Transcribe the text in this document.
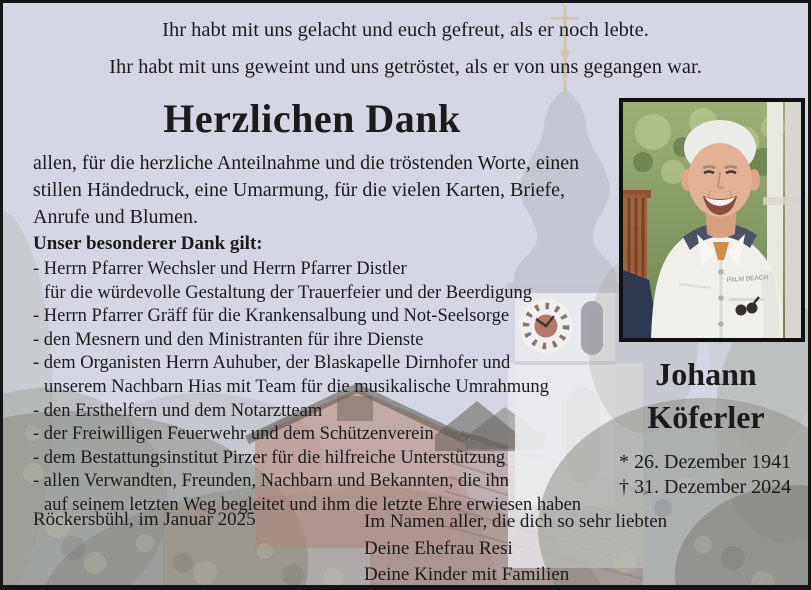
Ihr habt mit uns gelacht und euch gefreut, als er noch lebte.
Ihr habt mit uns geweint und uns getröstet, als er von uns gegangen war.
Herzlichen Dank

allen, für die herzliche Anteilnahme und die tröstenden Worte, einen stillen Händedruck, eine Umarmung, für die vielen Karten, Briefe, Anrufe und Blumen.

Unser besonderer Dank gilt:
- Herrn Pfarrer Wechsler und Herrn Pfarrer Distler
für die würdevolle Gestaltung der Trauerfeier und der Beerdigung
- Herrn Pfarrer Gräff für die Krankensalbung und Not-Seelsorge
- den Mesnern und den Ministranten für ihre Dienste
- dem Organisten Herrn Auhuber, der Blaskapelle Dirnhofer und
unserem Nachbarn Hias mit Team für die musikalische Umrahmung
- den Ersthelfern und dem Notarztteam
- der Freiwilligen Feuerwehr und dem Schützenverein
- dem Bestattungsinstitut Pirzer für die hilfreiche Unterstützung
- allen Verwandten, Freunden, Nachbarn und Bekannten, die ihn
auf seinem letzten Weg begleitet und ihm die letzte Ehre erwiesen haben
Röckersbühl, im Januar 2025	Im Namen aller, die dich so sehr liebten
Deine Ehefrau Resi
Deine Kinder mit Familien
PALM BEACH
Johann
Köferler
* 26. Dezember 1941
† 31. Dezember 2024
